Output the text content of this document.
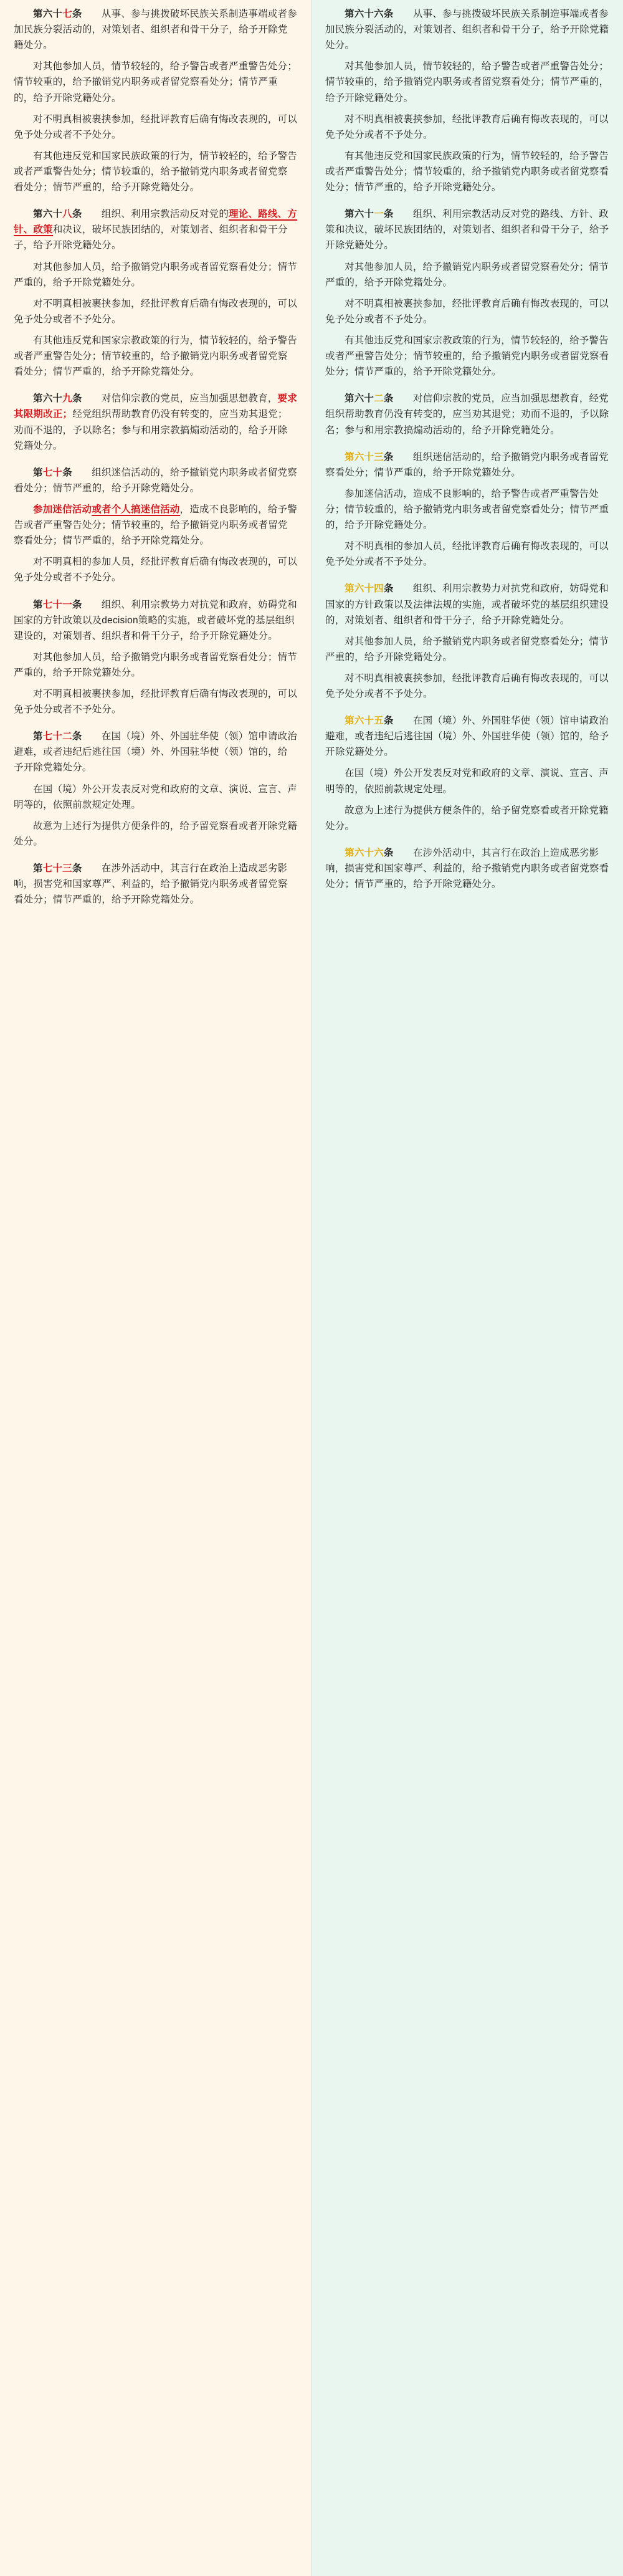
第六十七条　　从事、参与挑拨破坏民族关系制造事端或者参加民族分裂活动的，对策划者、组织者和骨干分子，给予开除党籍处分。

对其他参加人员，情节较轻的，给予警告或者严重警告处分；情节较重的，给予撤销党内职务或者留党察看处分；情节严重的，给予开除党籍处分。

对不明真相被裹挟参加，经批评教育后确有悔改表现的，可以免予处分或者不予处分。

有其他违反党和国家民族政策的行为，情节较轻的，给予警告或者严重警告处分；情节较重的，给予撤销党内职务或者留党察看处分；情节严重的，给予开除党籍处分。

第六十八条　　组织、利用宗教活动反对党的理论、路线、方针、政策和决议，破坏民族团结的，对策划者、组织者和骨干分子，给予开除党籍处分。

对其他参加人员，给予撤销党内职务或者留党察看处分；情节严重的，给予开除党籍处分。

对不明真相被裹挟参加，经批评教育后确有悔改表现的，可以免予处分或者不予处分。

有其他违反党和国家宗教政策的行为，情节较轻的，给予警告或者严重警告处分；情节较重的，给予撤销党内职务或者留党察看处分；情节严重的，给予开除党籍处分。

第六十九条　　对信仰宗教的党员，应当加强思想教育，要求其限期改正；经党组织帮助教育仍没有转变的，应当劝其退党；劝而不退的，予以除名；参与和用宗教搞煽动活动的，给予开除党籍处分。

第七十条　　组织迷信活动的，给予撤销党内职务或者留党察看处分；情节严重的，给予开除党籍处分。

参加迷信活动或者个人搞迷信活动，造成不良影响的，给予警告或者严重警告处分；情节较重的，给予撤销党内职务或者留党察看处分；情节严重的，给予开除党籍处分。

对不明真相的参加人员，经批评教育后确有悔改表现的，可以免予处分或者不予处分。

第七十一条　　组织、利用宗教势力对抗党和政府，妨碍党和国家的方针政策以及decision策略的实施，或者破坏党的基层组织建设的，对策划者、组织者和骨干分子，给予开除党籍处分。

对其他参加人员，给予撤销党内职务或者留党察看处分；情节严重的，给予开除党籍处分。

对不明真相被裹挟参加，经批评教育后确有悔改表现的，可以免予处分或者不予处分。

第七十二条　　在国（境）外、外国驻华使（领）馆申请政治避难，或者违纪后逃往国（境）外、外国驻华使（领）馆的，给予开除党籍处分。

在国（境）外公开发表反对党和政府的文章、演说、宣言、声明等的，依照前款规定处理。

故意为上述行为提供方便条件的，给予留党察看或者开除党籍处分。

第七十三条　　在涉外活动中，其言行在政治上造成恶劣影响，损害党和国家尊严、利益的，给予撤销党内职务或者留党察看处分；情节严重的，给予开除党籍处分。

第六十六条　　从事、参与挑拨破坏民族关系制造事端或者参加民族分裂活动的，对策划者、组织者和骨干分子，给予开除党籍处分。

对其他参加人员，情节较轻的，给予警告或者严重警告处分；情节较重的，给予撤销党内职务或者留党察看处分；情节严重的，给予开除党籍处分。

对不明真相被裹挟参加，经批评教育后确有悔改表现的，可以免予处分或者不予处分。

有其他违反党和国家民族政策的行为，情节较轻的，给予警告或者严重警告处分；情节较重的，给予撤销党内职务或者留党察看处分；情节严重的，给予开除党籍处分。

第六十一条　　组织、利用宗教活动反对党的路线、方针、政策和决议，破坏民族团结的，对策划者、组织者和骨干分子，给予开除党籍处分。

对其他参加人员，给予撤销党内职务或者留党察看处分；情节严重的，给予开除党籍处分。

对不明真相被裹挟参加，经批评教育后确有悔改表现的，可以免予处分或者不予处分。

有其他违反党和国家宗教政策的行为，情节较轻的，给予警告或者严重警告处分；情节较重的，给予撤销党内职务或者留党察看处分；情节严重的，给予开除党籍处分。

第六十二条　　对信仰宗教的党员，应当加强思想教育，经党组织帮助教育仍没有转变的，应当劝其退党；劝而不退的，予以除名；参与和用宗教搞煽动活动的，给予开除党籍处分。

第六十三条　　组织迷信活动的，给予撤销党内职务或者留党察看处分；情节严重的，给予开除党籍处分。

参加迷信活动，造成不良影响的，给予警告或者严重警告处分；情节较重的，给予撤销党内职务或者留党察看处分；情节严重的，给予开除党籍处分。

对不明真相的参加人员，经批评教育后确有悔改表现的，可以免予处分或者不予处分。

第六十四条　　组织、利用宗教势力对抗党和政府，妨碍党和国家的方针政策以及法律法规的实施，或者破坏党的基层组织建设的，对策划者、组织者和骨干分子，给予开除党籍处分。

对其他参加人员，给予撤销党内职务或者留党察看处分；情节严重的，给予开除党籍处分。

对不明真相被裹挟参加，经批评教育后确有悔改表现的，可以免予处分或者不予处分。

第六十五条　　在国（境）外、外国驻华使（领）馆申请政治避难，或者违纪后逃往国（境）外、外国驻华使（领）馆的，给予开除党籍处分。

在国（境）外公开发表反对党和政府的文章、演说、宣言、声明等的，依照前款规定处理。

故意为上述行为提供方便条件的，给予留党察看或者开除党籍处分。

第六十六条　　在涉外活动中，其言行在政治上造成恶劣影响，损害党和国家尊严、利益的，给予撤销党内职务或者留党察看处分；情节严重的，给予开除党籍处分。
